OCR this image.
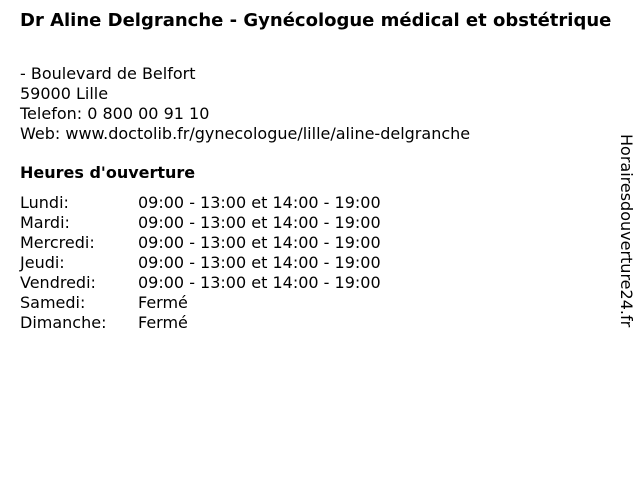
Dr Aline Delgranche - Gynécologue médical et obstétrique
- Boulevard de Belfort
59000 Lille
Telefon: 0 800 00 91 10
Web: www.doctolib.fr/gynecologue/lille/aline-delgranche
Heures d'ouverture
Lundi:	09:00 - 13:00 et 14:00 - 19:00
Mardi:	09:00 - 13:00 et 14:00 - 19:00
Mercredi:	09:00 - 13:00 et 14:00 - 19:00
Jeudi:	09:00 - 13:00 et 14:00 - 19:00
Vendredi:	09:00 - 13:00 et 14:00 - 19:00
Samedi:	Fermé
Dimanche:	Fermé	Horairesdouverture24.fr
